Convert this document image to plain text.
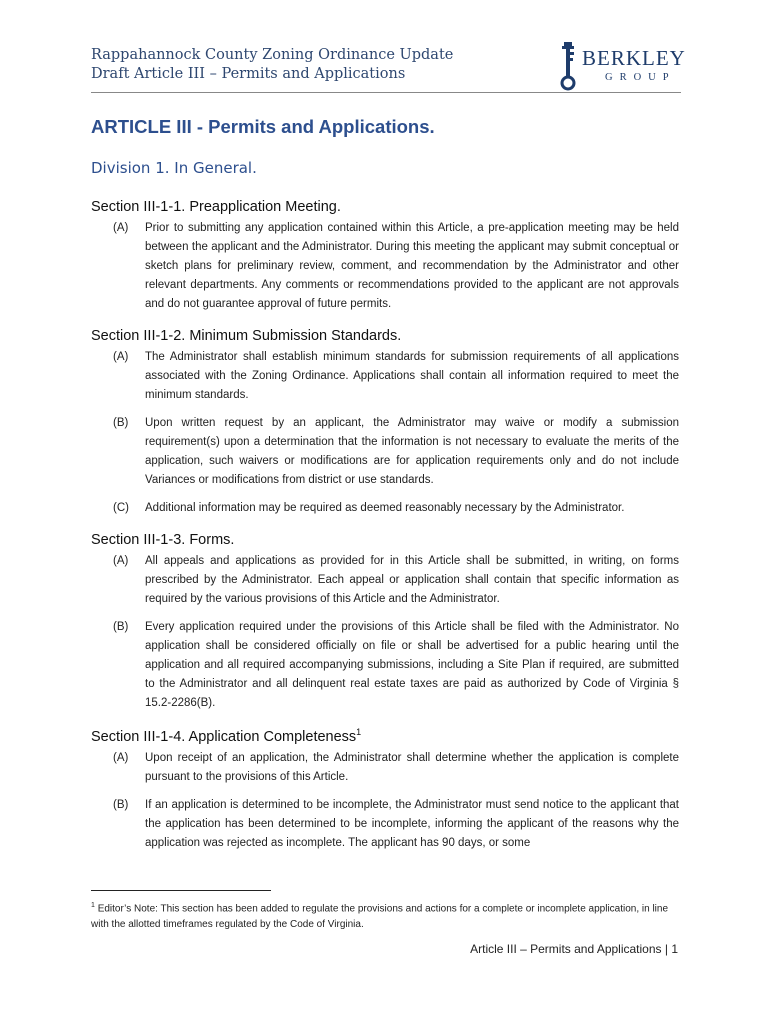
Rappahannock County Zoning Ordinance Update
Draft Article III – Permits and Applications
BERKLEY
GROUP
ARTICLE III - Permits and Applications.
Division 1. In General.
Section III-1-1. Preapplication Meeting.
(A)	Prior to submitting any application contained within this Article, a pre-application meeting may be held between the applicant and the Administrator. During this meeting the applicant may submit conceptual or sketch plans for preliminary review, comment, and recommendation by the Administrator and other relevant departments. Any comments or recommendations provided to the applicant are not approvals and do not guarantee approval of future permits.
Section III-1-2. Minimum Submission Standards.
(A)	The Administrator shall establish minimum standards for submission requirements of all applications associated with the Zoning Ordinance. Applications shall contain all information required to meet the minimum standards.
(B)	Upon written request by an applicant, the Administrator may waive or modify a submission requirement(s) upon a determination that the information is not necessary to evaluate the merits of the application, such waivers or modifications are for application requirements only and do not include Variances or modifications from district or use standards.
(C)	Additional information may be required as deemed reasonably necessary by the Administrator.
Section III-1-3. Forms.
(A)	All appeals and applications as provided for in this Article shall be submitted, in writing, on forms prescribed by the Administrator. Each appeal or application shall contain that specific information as required by the various provisions of this Article and the Administrator.
(B)	Every application required under the provisions of this Article shall be filed with the Administrator. No application shall be considered officially on file or shall be advertised for a public hearing until the application and all required accompanying submissions, including a Site Plan if required, are submitted to the Administrator and all delinquent real estate taxes are paid as authorized by Code of Virginia § 15.2-2286(B).
Section III-1-4. Application Completeness$^1$
(A)	Upon receipt of an application, the Administrator shall determine whether the application is complete pursuant to the provisions of this Article.
(B)	If an application is determined to be incomplete, the Administrator must send notice to the applicant that the application has been determined to be incomplete, informing the applicant of the reasons why the application was rejected as incomplete. The applicant has 90 days, or some
$^1$ Editor’s Note: This section has been added to regulate the provisions and actions for a complete or incomplete application, in line with the allotted timeframes regulated by the Code of Virginia.
Article III – Permits and Applications | 1
